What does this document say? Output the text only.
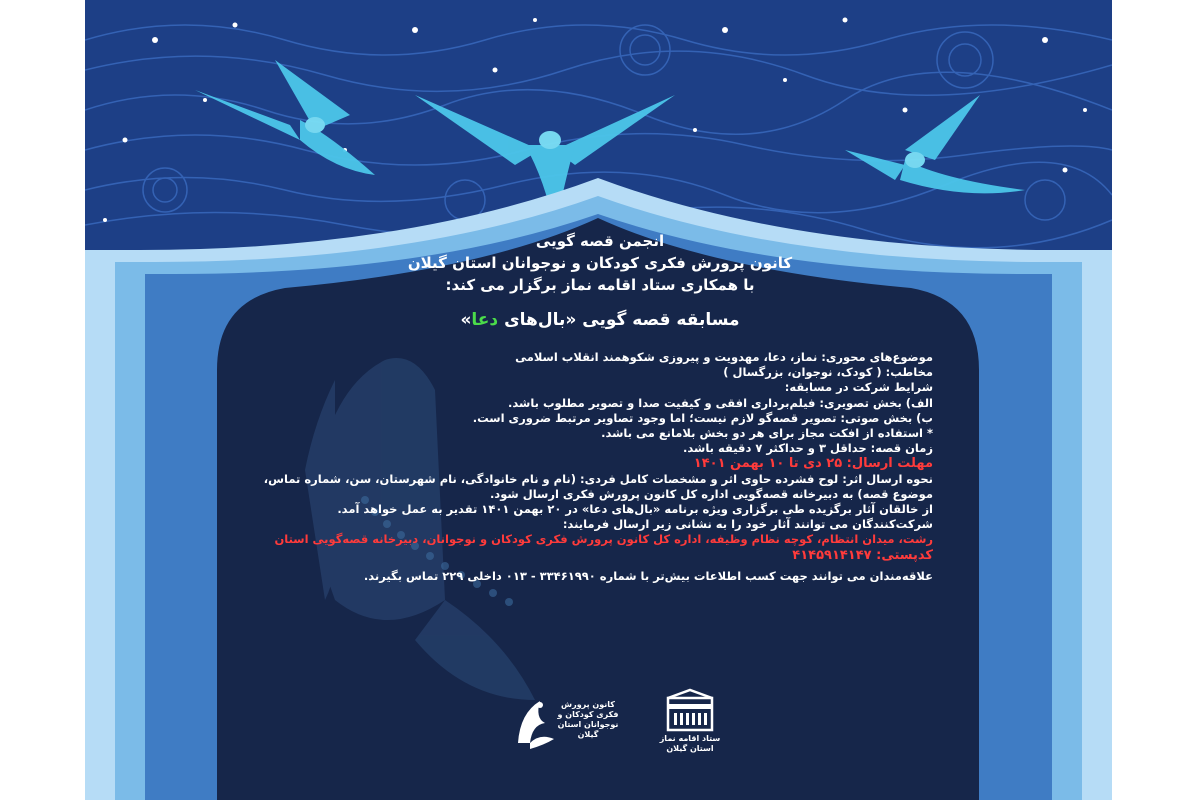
انجمن قصه گویی

کانون پرورش فکری کودکان و نوجوانان استان گیلان

با همکاری ستاد اقامه نماز برگزار می کند:

مسابقه قصه گویی «بال‌های دعا»
موضوع‌های محوری: نماز، دعا، مهدویت و پیروزی شکوهمند انقلاب اسلامی
مخاطب: ( کودک، نوجوان، بزرگسال )
شرایط شرکت در مسابقه:
الف) بخش تصویری: فیلم‌برداری افقی و کیفیت صدا و تصویر مطلوب باشد.
ب) بخش صوتی: تصویر قصه‌گو لازم نیست؛ اما وجود تصاویر مرتبط ضروری است.
* استفاده از افکت مجاز برای هر دو بخش بلامانع می باشد.
زمان قصه: حداقل ۳ و حداکثر ۷ دقیقه باشد.
مهلت ارسال: ۲۵ دی تا ۱۰ بهمن ۱۴۰۱
نحوه ارسال اثر: لوح فشرده حاوی اثر و مشخصات کامل فردی: (نام و نام خانوادگی، نام شهرستان، سن، شماره تماس،
موضوع قصه) به دبیرخانه قصه‌گویی اداره کل کانون پرورش فکری ارسال شود.
از خالقان آثار برگزیده طی برگزاری ویژه برنامه «بال‌های دعا» در ۲۰ بهمن ۱۴۰۱ تقدیر به عمل خواهد آمد.
شرکت‌کنندگان می توانند آثار خود را به نشانی زیر ارسال فرمایند:
رشت، میدان انتظام، کوچه نظام وظیفه، اداره کل کانون پرورش فکری کودکان و نوجوانان، دبیرخانه قصه‌گویی استان
کدپستی: ۴۱۴۵۹۱۴۱۴۷
علاقه‌مندان می توانند جهت کسب اطلاعات بیش‌تر با شماره ۳۳۴۶۱۹۹۰ - ۰۱۳ داخلی ۲۲۹ تماس بگیرند.
کانون پرورش فکری کودکان و نوجوانان استان گیلان	ستاد اقامه نماز استان گیلان
